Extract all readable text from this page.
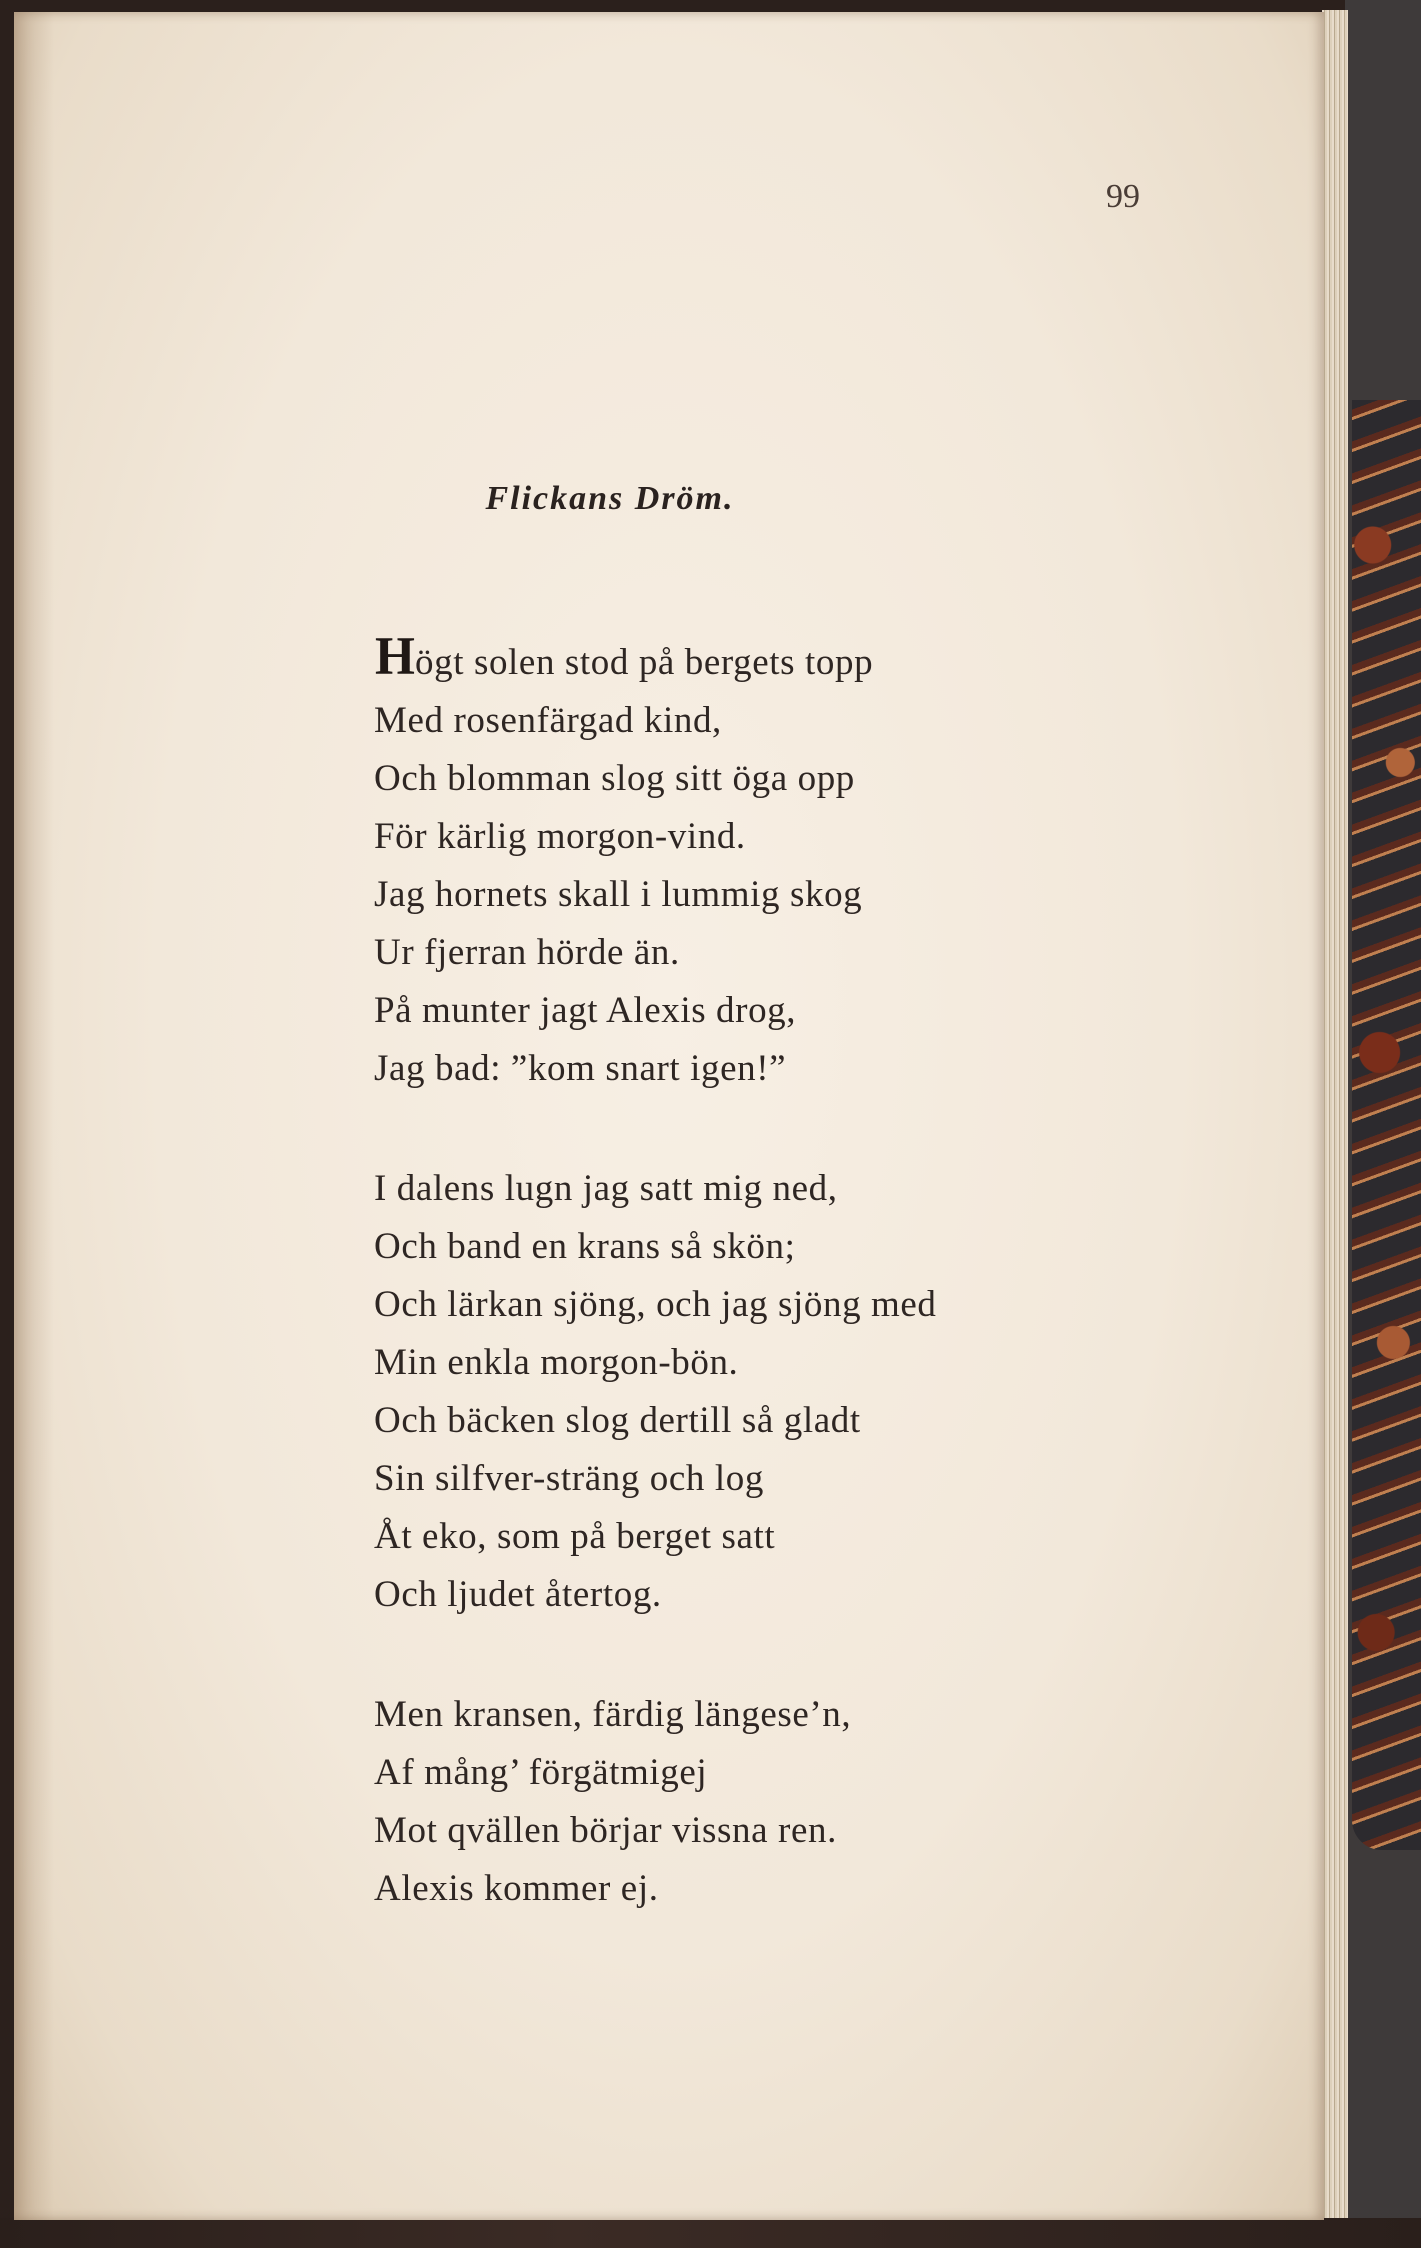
99
Flickans Dröm.
Högt solen stod på bergets topp
Med rosenfärgad kind,
Och blomman slog sitt öga opp
För kärlig morgon-vind.
Jag hornets skall i lummig skog
Ur fjerran hörde än.
På munter jagt Alexis drog,
Jag bad: ”kom snart igen!”
I dalens lugn jag satt mig ned,
Och band en krans så skön;
Och lärkan sjöng, och jag sjöng med
Min enkla morgon-bön.
Och bäcken slog dertill så gladt
Sin silfver-sträng och log
Åt eko, som på berget satt
Och ljudet återtog.
Men kransen, färdig längese’n,
Af mång’ förgätmigej
Mot qvällen börjar vissna ren.
Alexis kommer ej.
